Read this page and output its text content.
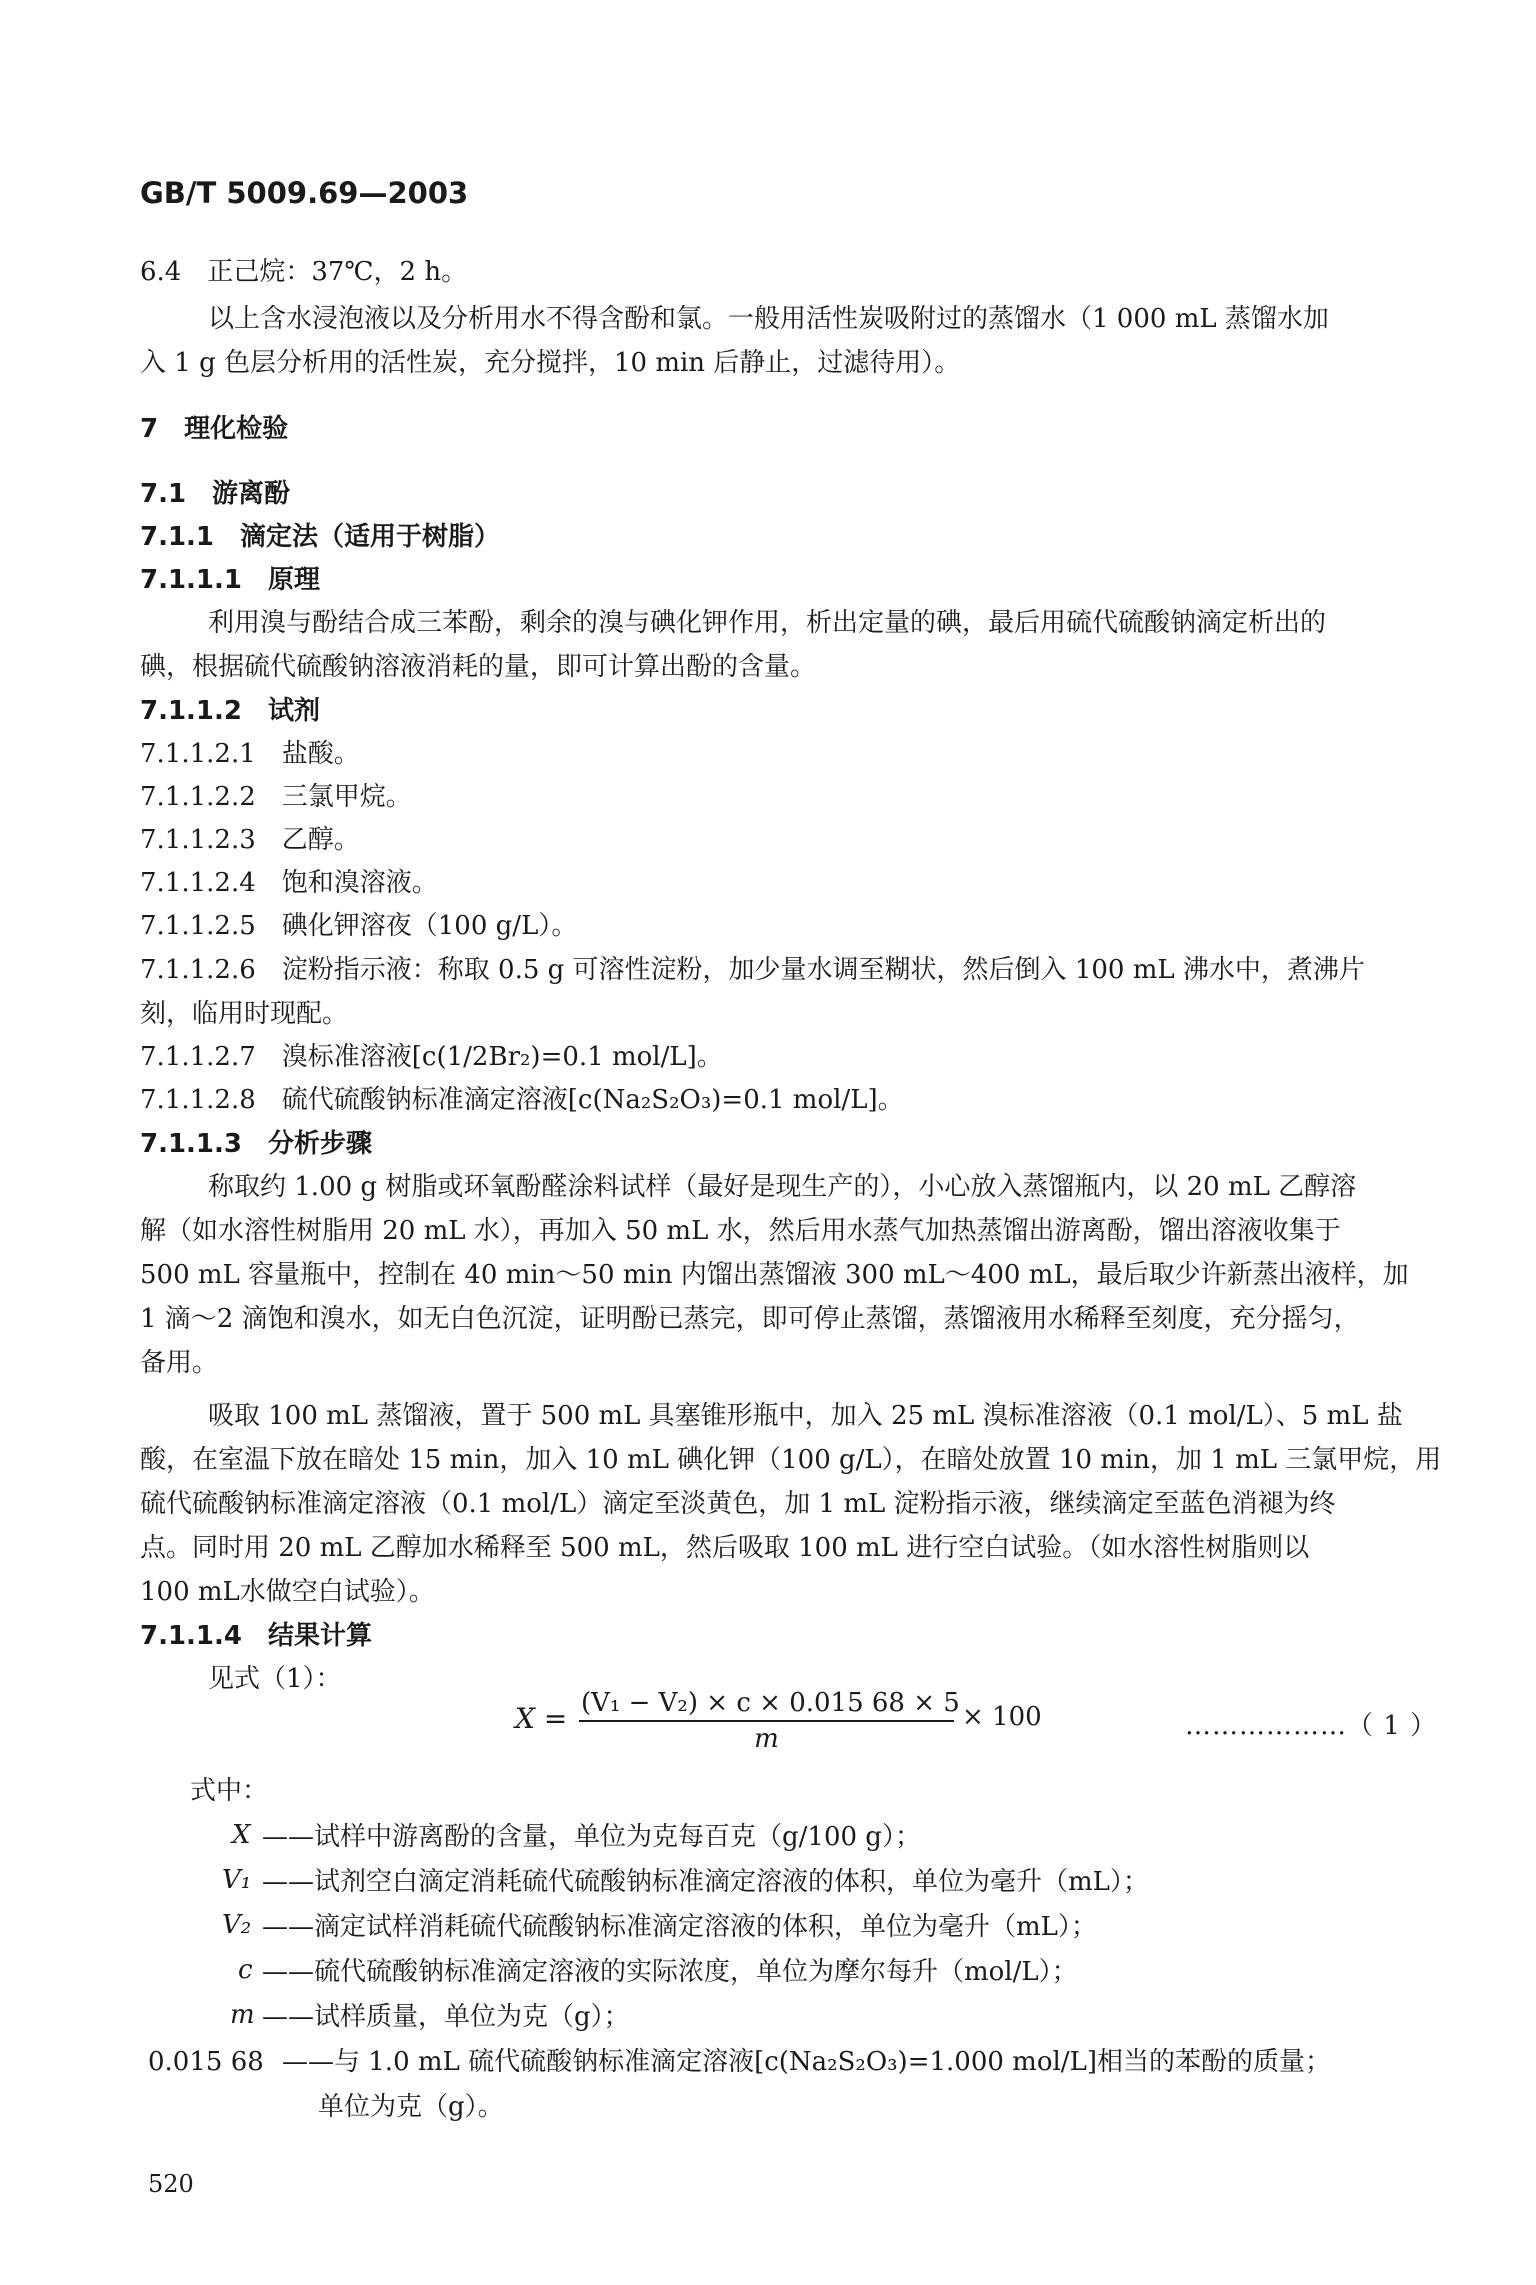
GB/T 5009.69—2003
6.4　正己烷：37℃，2 h。
以上含水浸泡液以及分析用水不得含酚和氯。一般用活性炭吸附过的蒸馏水（1 000 mL 蒸馏水加
入 1 g 色层分析用的活性炭，充分搅拌，10 min 后静止，过滤待用）。
7　理化检验
7.1　游离酚
7.1.1　滴定法（适用于树脂）
7.1.1.1　原理
利用溴与酚结合成三苯酚，剩余的溴与碘化钾作用，析出定量的碘，最后用硫代硫酸钠滴定析出的
碘，根据硫代硫酸钠溶液消耗的量，即可计算出酚的含量。
7.1.1.2　试剂
7.1.1.2.1　盐酸。
7.1.1.2.2　三氯甲烷。
7.1.1.2.3　乙醇。
7.1.1.2.4　饱和溴溶液。
7.1.1.2.5　碘化钾溶夜（100 g/L）。
7.1.1.2.6　淀粉指示液：称取 0.5 g 可溶性淀粉，加少量水调至糊状，然后倒入 100 mL 沸水中，煮沸片
刻，临用时现配。
7.1.1.2.7　溴标准溶液[c(1/2Br₂)=0.1 mol/L]。
7.1.1.2.8　硫代硫酸钠标准滴定溶液[c(Na₂S₂O₃)=0.1 mol/L]。
7.1.1.3　分析步骤
称取约 1.00 g 树脂或环氧酚醛涂料试样（最好是现生产的），小心放入蒸馏瓶内，以 20 mL 乙醇溶
解（如水溶性树脂用 20 mL 水），再加入 50 mL 水，然后用水蒸气加热蒸馏出游离酚，馏出溶液收集于
500 mL 容量瓶中，控制在 40 min～50 min 内馏出蒸馏液 300 mL～400 mL，最后取少许新蒸出液样，加
1 滴～2 滴饱和溴水，如无白色沉淀，证明酚已蒸完，即可停止蒸馏，蒸馏液用水稀释至刻度，充分摇匀，
备用。
吸取 100 mL 蒸馏液，置于 500 mL 具塞锥形瓶中，加入 25 mL 溴标准溶液（0.1 mol/L）、5 mL 盐
酸，在室温下放在暗处 15 min，加入 10 mL 碘化钾（100 g/L），在暗处放置 10 min，加 1 mL 三氯甲烷，用
硫代硫酸钠标准滴定溶液（0.1 mol/L）滴定至淡黄色，加 1 mL 淀粉指示液，继续滴定至蓝色消褪为终
点。同时用 20 mL 乙醇加水稀释至 500 mL，然后吸取 100 mL 进行空白试验。（如水溶性树脂则以
100 mL水做空白试验）。
7.1.1.4　结果计算
见式（1）：
式中：
$X = \frac{\text{(V₁ − V₂) × c × 0.015 68 × 5}}{m} \times 100$	………………（ 1 ）
X ——试样中游离酚的含量，单位为克每百克（g/100 g）；
V₁ ——试剂空白滴定消耗硫代硫酸钠标准滴定溶液的体积，单位为毫升（mL）；
V₂ ——滴定试样消耗硫代硫酸钠标准滴定溶液的体积，单位为毫升（mL）；
c ——硫代硫酸钠标准滴定溶液的实际浓度，单位为摩尔每升（mol/L）；
m ——试样质量，单位为克（g）；
0.015 68 ——与 1.0 mL 硫代硫酸钠标准滴定溶液[c(Na₂S₂O₃)=1.000 mol/L]相当的苯酚的质量；
单位为克（g）。
520
